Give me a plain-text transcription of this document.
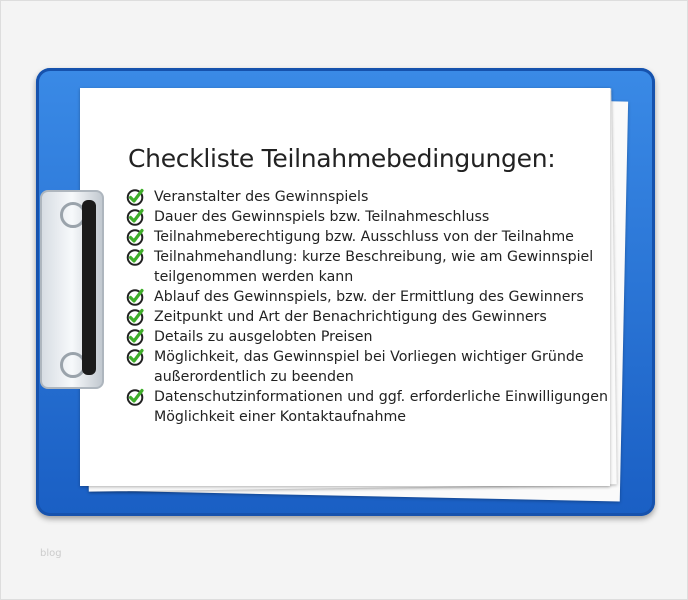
Checkliste Teilnahmebedingungen:
Veranstalter des Gewinnspiels
Dauer des Gewinnspiels bzw. Teilnahmeschluss
Teilnahmeberechtigung bzw. Ausschluss von der Teilnahme
Teilnahmehandlung: kurze Beschreibung, wie am Gewinnspiel
teilgenommen werden kann
Ablauf des Gewinnspiels, bzw. der Ermittlung des Gewinners
Zeitpunkt und Art der Benachrichtigung des Gewinners
Details zu ausgelobten Preisen
Möglichkeit, das Gewinnspiel bei Vorliegen wichtiger Gründe
außerordentlich zu beenden
Datenschutzinformationen und ggf. erforderliche Einwilligungen
Möglichkeit einer Kontaktaufnahme
blog
